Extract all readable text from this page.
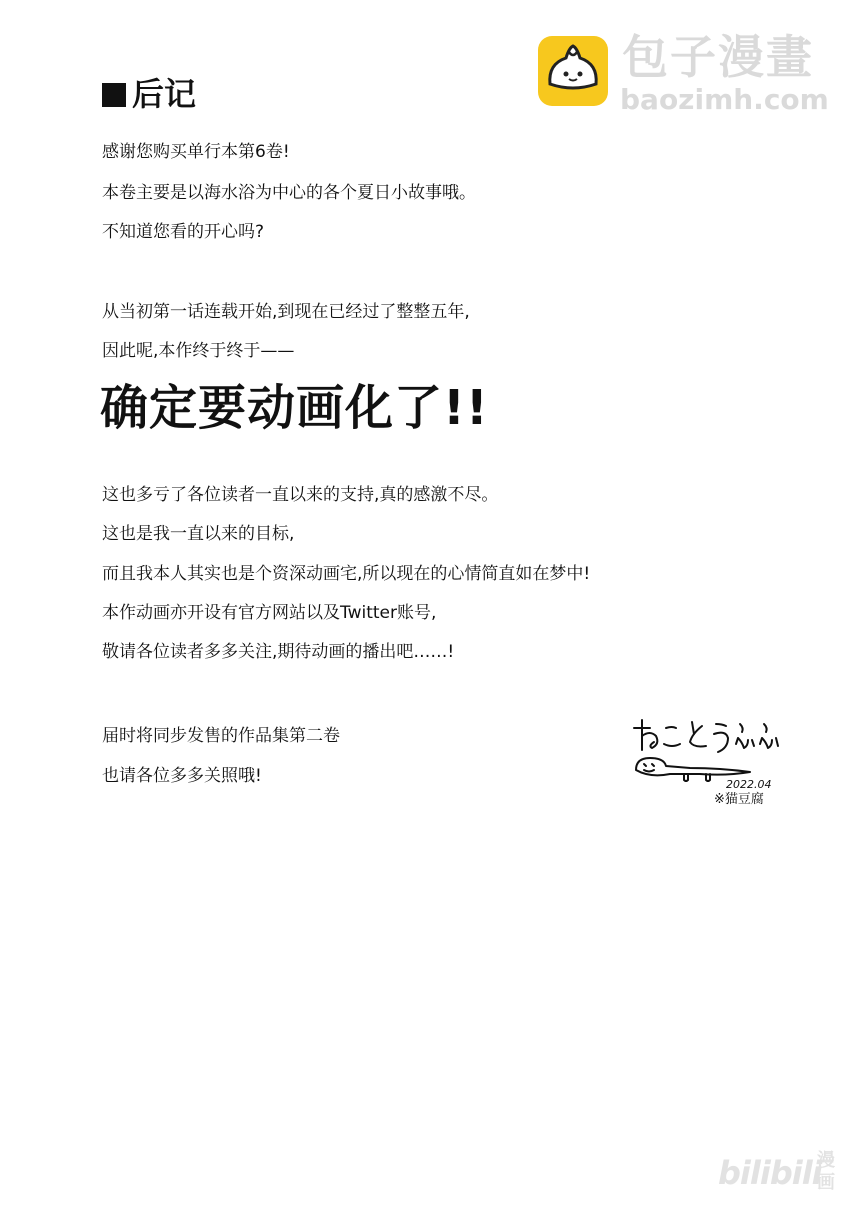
包子漫畫
baozimh.com
后记
感谢您购买单行本第6卷!
本卷主要是以海水浴为中心的各个夏日小故事哦。
不知道您看的开心吗?
从当初第一话连载开始,到现在已经过了整整五年,
因此呢,本作终于终于——
确定要动画化了!!
这也多亏了各位读者一直以来的支持,真的感激不尽。
这也是我一直以来的目标,
而且我本人其实也是个资深动画宅,所以现在的心情简直如在梦中!
本作动画亦开设有官方网站以及Twitter账号,
敬请各位读者多多关注,期待动画的播出吧……!
届时将同步发售的作品集第二卷
也请各位多多关照哦!	2022.04
※猫豆腐
bilibili
漫画
